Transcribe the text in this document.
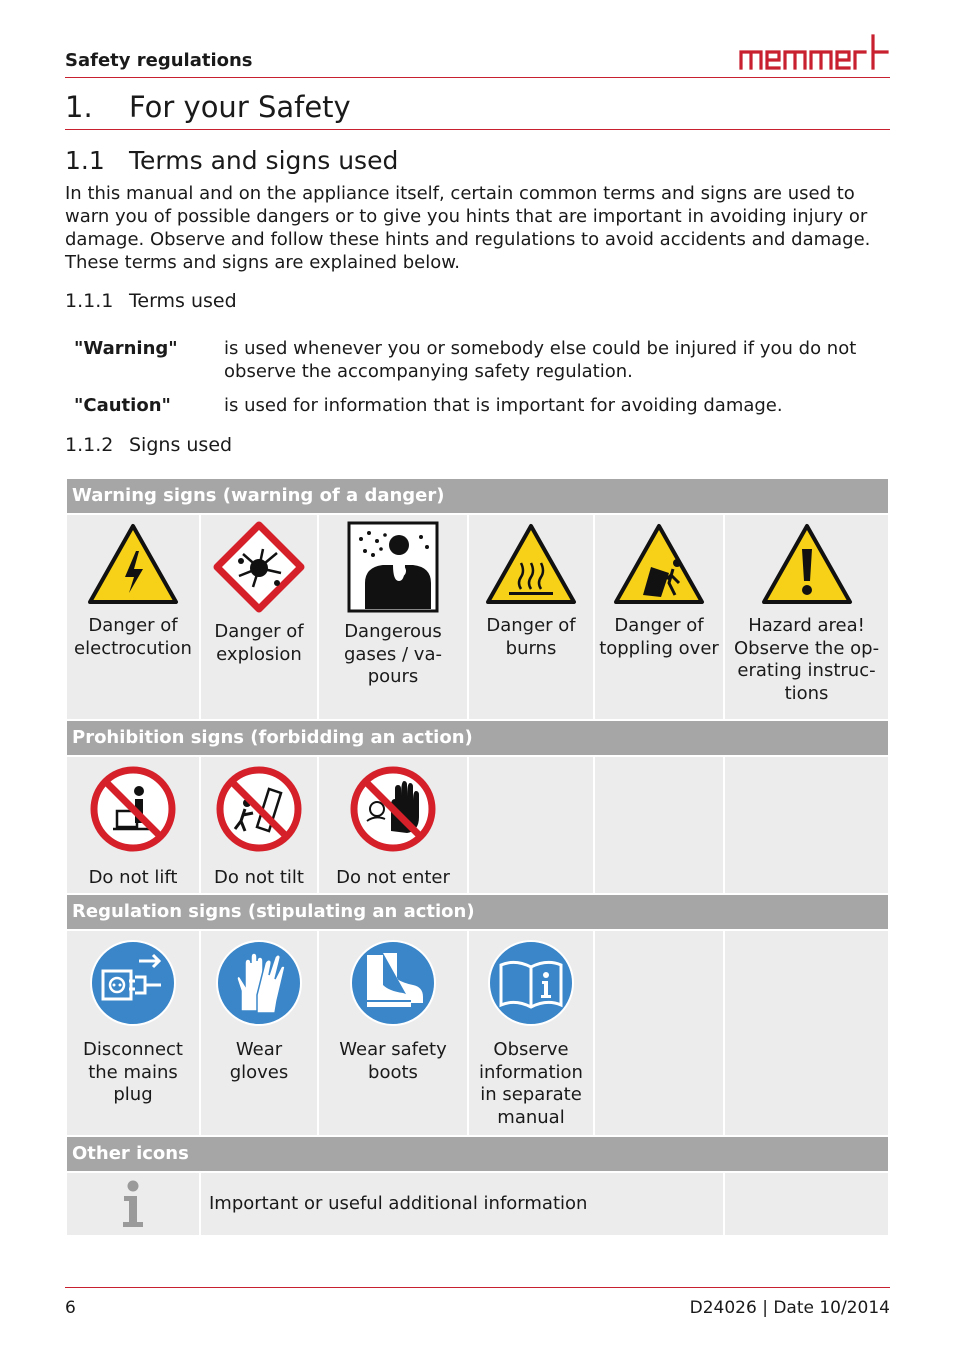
Safety regulations
1. For your Safety
1.1 Terms and signs used
In this manual and on the appliance itself, certain common terms and signs are used to warn you of possible dangers or to give you hints that are important in avoiding injury or damage. Observe and follow these hints and regulations to avoid accidents and damage. These terms and signs are explained below.
1.1.1 Terms used
"Warning"	is used whenever you or somebody else could be injured if you do not observe the accompanying safety regulation.
"Caution"	is used for information that is important for avoiding damage.
1.1.2 Signs used
Warning signs (warning of a danger)					

Danger of electrocution	Danger of explosion	Dangerous gases / va-pours	Danger of burns	Danger of toppling over	Hazard area! Observe the op-erating instruc-tions

Prohibition signs (forbidding an action)					

Do not lift	Do not tilt	Do not enter			

Regulation signs (stipulating an action)					

Disconnect the mains plug	Wear gloves	Wear safety boots	Observe information in separate manual		

Other icons					

	Important or useful additional information				
6	D24026 | Date 10/2014
